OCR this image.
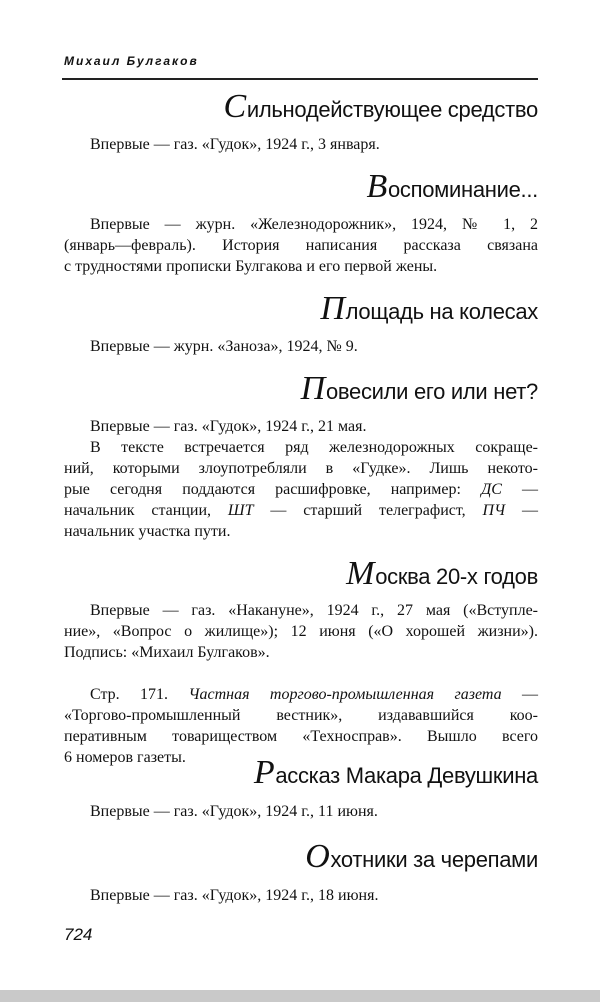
Михаил Булгаков
Сильнодействующее средство
Впервые — газ. «Гудок», 1924 г., 3 января.
Воспоминание...
Впервые — журн. «Железнодорожник», 1924, № 1, 2
(январь—февраль). История написания рассказа связана
с трудностями прописки Булгакова и его первой жены.
Площадь на колесах
Впервые — журн. «Заноза», 1924, № 9.
Повесили его или нет?
Впервые — газ. «Гудок», 1924 г., 21 мая.
В тексте встречается ряд железнодорожных сокраще-
ний, которыми злоупотребляли в «Гудке». Лишь некото-
рые сегодня поддаются расшифровке, например: ДС —
начальник станции, ШТ — старший телеграфист, ПЧ —
начальник участка пути.
Москва 20-х годов
Впервые — газ. «Накануне», 1924 г., 27 мая («Вступле-
ние», «Вопрос о жилище»); 12 июня («О хорошей жизни»).
Подпись: «Михаил Булгаков».
Стр. 171. Частная торгово-промышленная газета —
«Торгово-промышленный вестник», издававшийся коо-
перативным товариществом «Техносправ». Вышло всего
6 номеров газеты.	Рассказ Макара Девушкина
Впервые — газ. «Гудок», 1924 г., 11 июня.
Охотники за черепами
Впервые — газ. «Гудок», 1924 г., 18 июня.
724
